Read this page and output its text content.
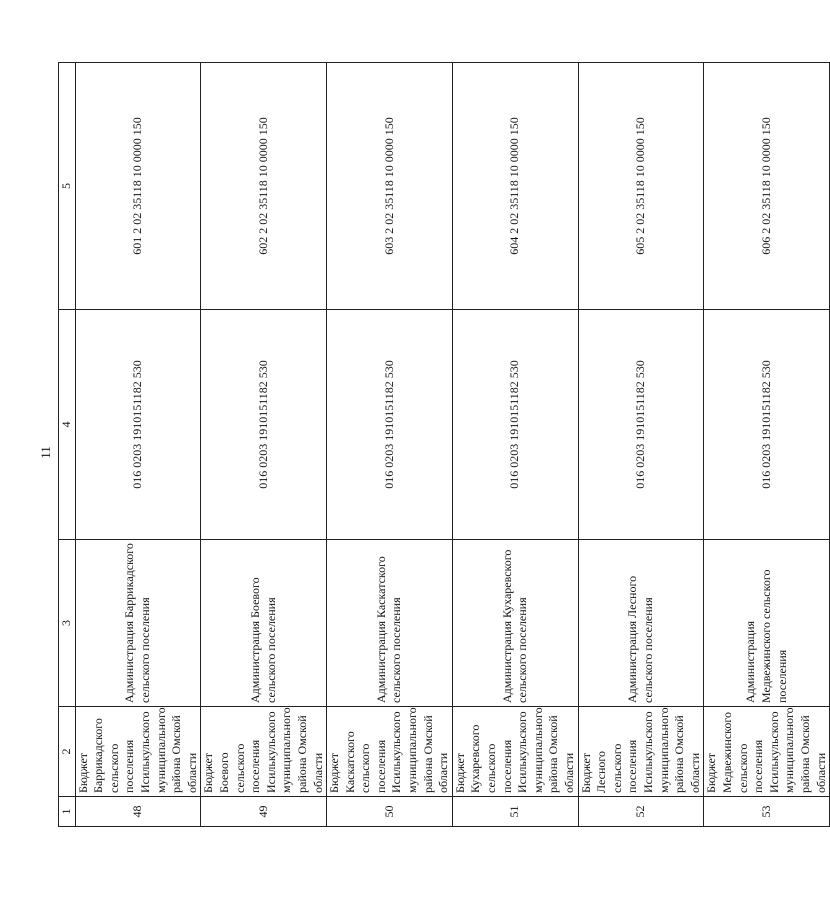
11
1	2	3	4	5
48	Бюджет Баррикадского сельского поселения Исилькульского муниципального района Омской области	Администрация Баррикадского сельского поселения	016 0203 1910151182 530	601 2 02 35118 10 0000 150
49	Бюджет Боевого сельского поселения Исилькульского муниципального района Омской области	Администрация Боевого сельского поселения	016 0203 1910151182 530	602 2 02 35118 10 0000 150
50	Бюджет Каскатского сельского поселения Исилькульского муниципального района Омской области	Администрация Каскатского сельского поселения	016 0203 1910151182 530	603 2 02 35118 10 0000 150
51	Бюджет Кухаревского сельского поселения Исилькульского муниципального района Омской области	Администрация Кухаревского сельского поселения	016 0203 1910151182 530	604 2 02 35118 10 0000 150
52	Бюджет Лесного сельского поселения Исилькульского муниципального района Омской области	Администрация Лесного сельского поселения	016 0203 1910151182 530	605 2 02 35118 10 0000 150
53	Бюджет Медвежинского сельского поселения Исилькульского муниципального района Омской области	Администрация Медвежинского сельского поселения	016 0203 1910151182 530	606 2 02 35118 10 0000 150
